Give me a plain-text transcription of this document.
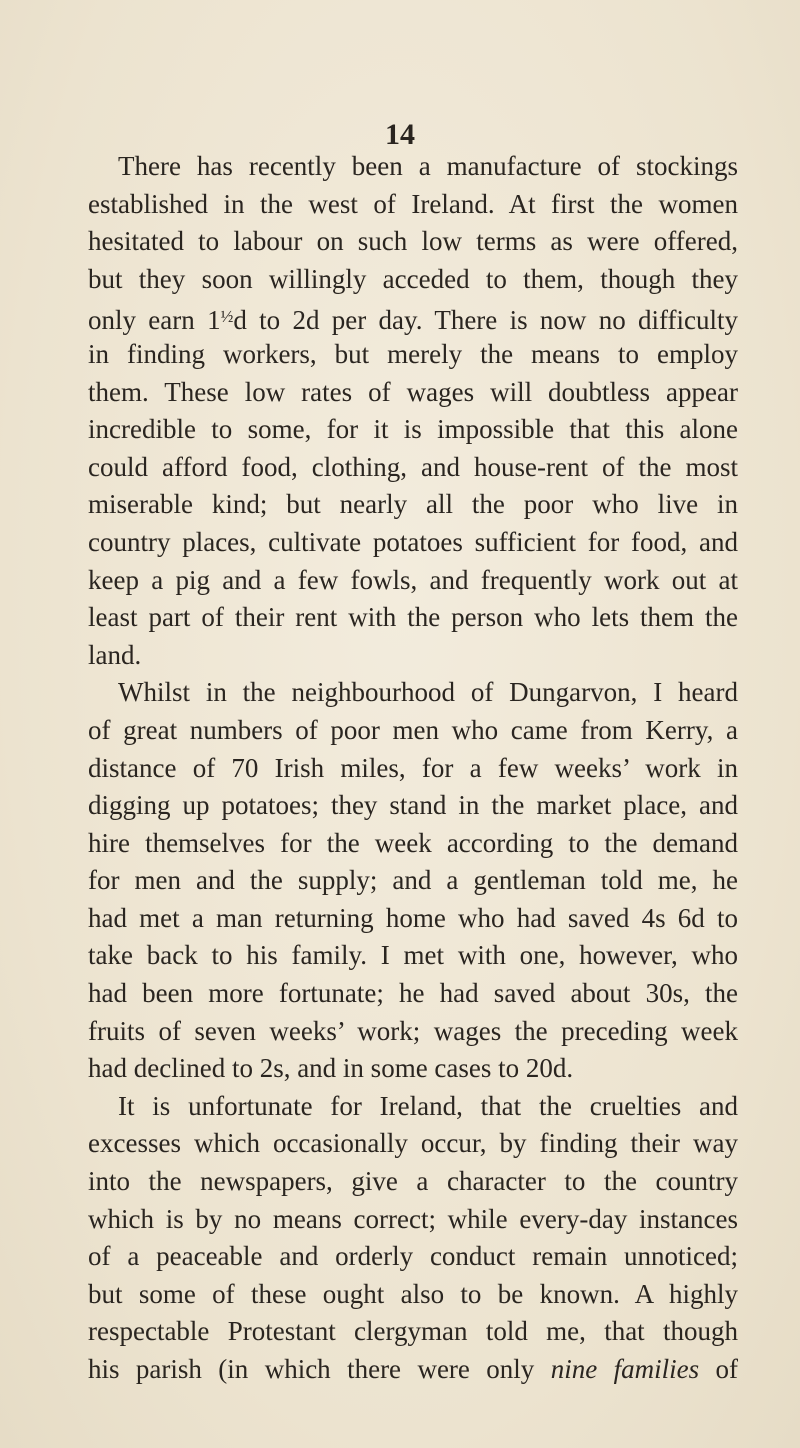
14
There has recently been a manufacture of stockings
established in the west of Ireland. At first the women
hesitated to labour on such low terms as were offered,
but they soon willingly acceded to them, though they
only earn $1^{\frac{1}{2}}d$ to 2d per day. There is now no difficulty
in finding workers, but merely the means to employ
them. These low rates of wages will doubtless appear
incredible to some, for it is impossible that this alone
could afford food, clothing, and house-rent of the most
miserable kind; but nearly all the poor who live in
country places, cultivate potatoes sufficient for food, and
keep a pig and a few fowls, and frequently work out at
least part of their rent with the person who lets them the
land.
Whilst in the neighbourhood of Dungarvon, I heard
of great numbers of poor men who came from Kerry, a
distance of 70 Irish miles, for a few weeks’ work in
digging up potatoes; they stand in the market place, and
hire themselves for the week according to the demand
for men and the supply; and a gentleman told me, he
had met a man returning home who had saved 4s 6d to
take back to his family. I met with one, however, who
had been more fortunate; he had saved about 30s, the
fruits of seven weeks’ work; wages the preceding week
had declined to 2s, and in some cases to 20d.
It is unfortunate for Ireland, that the cruelties and
excesses which occasionally occur, by finding their way
into the newspapers, give a character to the country
which is by no means correct; while every-day instances
of a peaceable and orderly conduct remain unnoticed;
but some of these ought also to be known. A highly
respectable Protestant clergyman told me, that though
his parish (in which there were only nine families of
